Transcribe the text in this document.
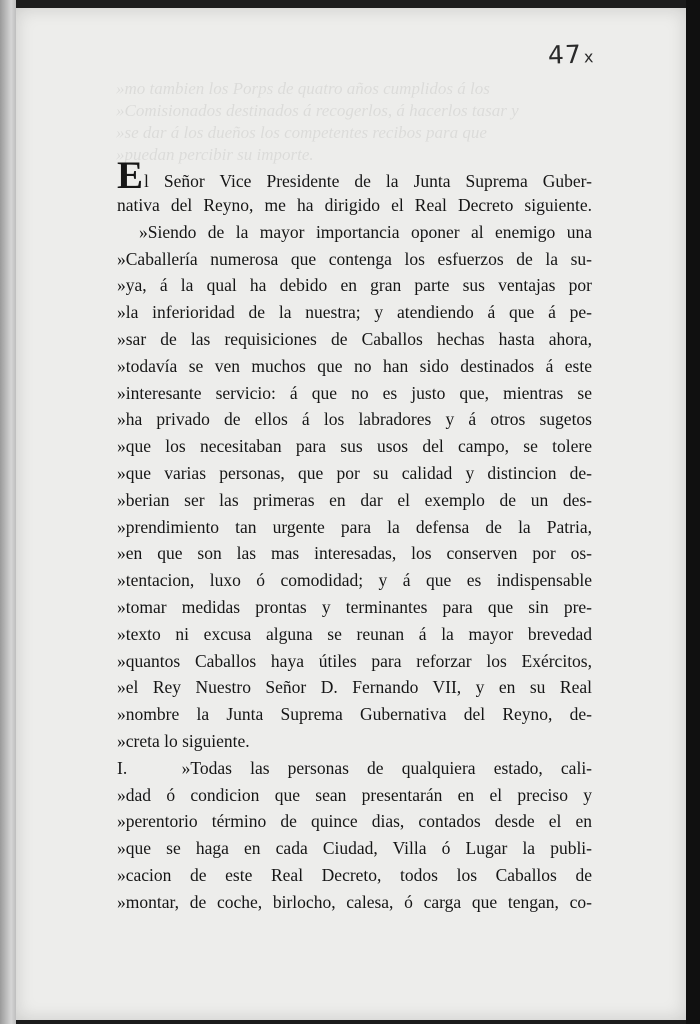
»mo tambien los Porps de quatro años cumplidos á los
»Comisionados destinados á recogerlos, á hacerlos tasar y
»se dar á los dueños los competentes recibos para que
»puedan percibir su importe.
47x
El Señor Vice Presidente de la Junta Suprema Guber-
nativa del Reyno, me ha dirigido el Real Decreto siguiente.
»Siendo de la mayor importancia oponer al enemigo una
»Caballería numerosa que contenga los esfuerzos de la su-
»ya, á la qual ha debido en gran parte sus ventajas por
»la inferioridad de la nuestra; y atendiendo á que á pe-
»sar de las requisiciones de Caballos hechas hasta ahora,
»todavía se ven muchos que no han sido destinados á este
»interesante servicio: á que no es justo que, mientras se
»ha privado de ellos á los labradores y á otros sugetos
»que los necesitaban para sus usos del campo, se tolere
»que varias personas, que por su calidad y distincion de-
»berian ser las primeras en dar el exemplo de un des-
»prendimiento tan urgente para la defensa de la Patria,
»en que son las mas interesadas, los conserven por os-
»tentacion, luxo ó comodidad; y á que es indispensable
»tomar medidas prontas y terminantes para que sin pre-
»texto ni excusa alguna se reunan á la mayor brevedad
»quantos Caballos haya útiles para reforzar los Exércitos,
»el Rey Nuestro Señor D. Fernando VII, y en su Real
»nombre la Junta Suprema Gubernativa del Reyno, de-
»creta lo siguiente.
I.	»Todas las personas de qualquiera estado, cali-
»dad ó condicion que sean presentarán en el preciso y
»perentorio término de quince dias, contados desde el en
»que se haga en cada Ciudad, Villa ó Lugar la publi-
»cacion de este Real Decreto, todos los Caballos de
»montar, de coche, birlocho, calesa, ó carga que tengan, co-
